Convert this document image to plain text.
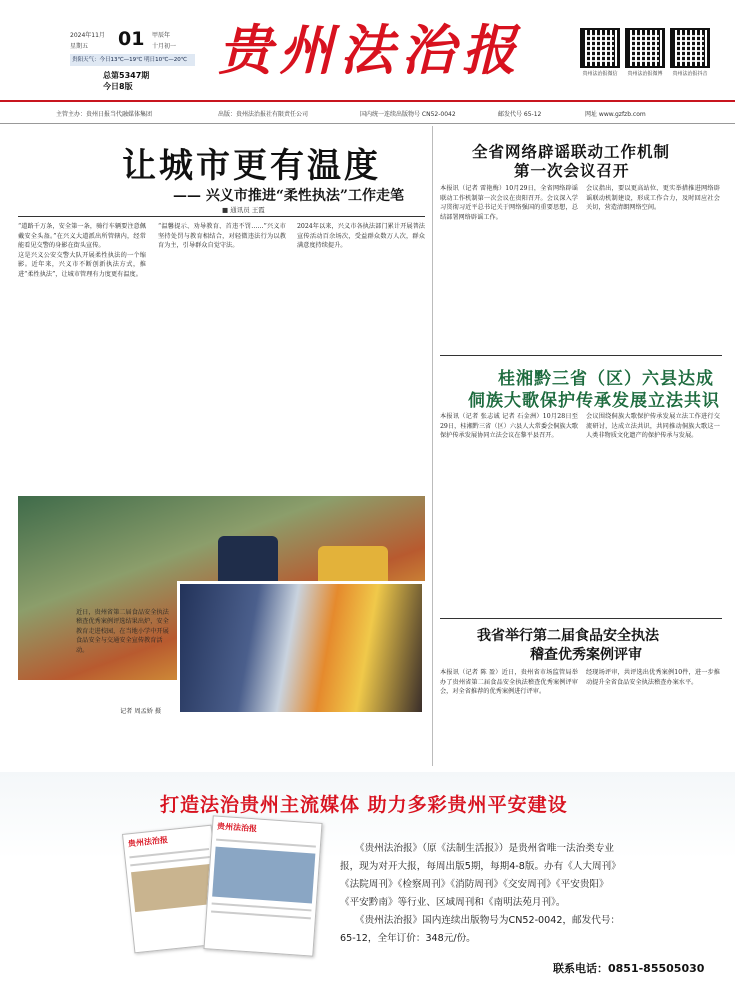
2024年11月
星期五 01 甲辰年
十月初一
贵阳天气：今日13℃—19℃ 明日10℃—20℃
总第5347期
今日8版
贵州法治报	贵州法治报微信	贵州法治报微博	贵州法治报抖音
主管主办：贵州日报当代融媒体集团	出版：贵州法治报社有限责任公司	国内统一连续出版物号 CN52-0042	邮发代号 65-12	网址 www.gzfzb.com
让城市更有温度
—— 兴义市推进“柔性执法”工作走笔
■ 通讯员 王霞

“道路千万条，安全第一条，骑行车辆要注意佩戴安全头盔。”在兴义大道派出所管辖内，经常能看见交警的身影在街头宣传。

这是兴义公安交警大队开展柔性执法的一个缩影。近年来，兴义市不断创新执法方式，推进“柔性执法”，让城市管理有力度更有温度。

“温馨提示、劝导教育、首违不罚……”兴义市坚持处罚与教育相结合，对轻微违法行为以教育为主，引导群众自觉守法。

2024年以来，兴义市各执法部门累计开展普法宣传活动百余场次，受益群众数万人次，群众满意度持续提升。

近日，贵州省第二届食品安全执法稽查优秀案例评选结果出炉，安全教育走进校园，在当地小学中开展食品安全与交通安全宣传教育活动。
记者 周孟娇 摄
全省网络辟谣联动工作机制
第一次会议召开

本报讯（记者 雷艳梅）10月29日，全省网络辟谣联动工作机制第一次会议在贵阳召开。会议深入学习贯彻习近平总书记关于网络强国的重要思想，总结部署网络辟谣工作。

会议指出，要以更高站位、更实举措推进网络辟谣联动机制建设，形成工作合力，及时回应社会关切，营造清朗网络空间。

桂湘黔三省（区）六县达成
侗族大歌保护传承发展立法共识

本报讯（记者 张志诚 记者 石金洲）10月28日至29日，桂湘黔三省（区）六县人大常委会侗族大歌保护传承发展协同立法会议在黎平县召开。

会议围绕侗族大歌保护传承发展立法工作进行交流研讨，达成立法共识，共同推动侗族大歌这一人类非物质文化遗产的保护传承与发展。

我省举行第二届食品安全执法
稽查优秀案例评审

本报讯（记者 陈 盈）近日，贵州省市场监管局举办了贵州省第二届食品安全执法稽查优秀案例评审会，对全省推荐的优秀案例进行评审。

经现场评审，共评选出优秀案例10件，进一步推动提升全省食品安全执法稽查办案水平。

打造法治贵州主流媒体 助力多彩贵州平安建设
贵州法治报
贵州法治报
《贵州法治报》（原《法制生活报》）是贵州省唯一法治类专业
报，现为对开大报，每周出版5期，每期4-8版。办有《人大周刊》
《法院周刊》《检察周刊》《消防周刊》《交安周刊》《平安贵阳》
《平安黔南》等行业、区域周刊和《南明法苑月刊》。
《贵州法治报》国内连续出版物号为CN52-0042，邮发代号：
65-12，全年订价：348元/份。
联系电话：0851-85505030
